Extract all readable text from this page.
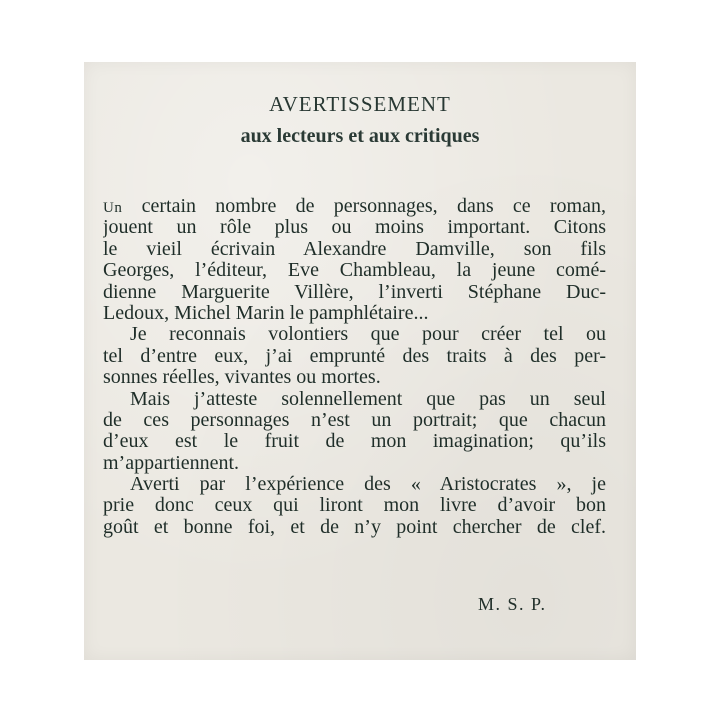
AVERTISSEMENT
aux lecteurs et aux critiques
Un certain nombre de personnages, dans ce roman,
jouent un rôle plus ou moins important. Citons
le vieil écrivain Alexandre Damville, son fils
Georges, l’éditeur, Eve Chambleau, la jeune comé-
dienne Marguerite Villère, l’inverti Stéphane Duc-
Ledoux, Michel Marin le pamphlétaire...
Je reconnais volontiers que pour créer tel ou
tel d’entre eux, j’ai emprunté des traits à des per-
sonnes réelles, vivantes ou mortes.
Mais j’atteste solennellement que pas un seul
de ces personnages n’est un portrait; que chacun
d’eux est le fruit de mon imagination; qu’ils
m’appartiennent.
Averti par l’expérience des « Aristocrates », je
prie donc ceux qui liront mon livre d’avoir bon
goût et bonne foi, et de n’y point chercher de clef.
M. S. P.
